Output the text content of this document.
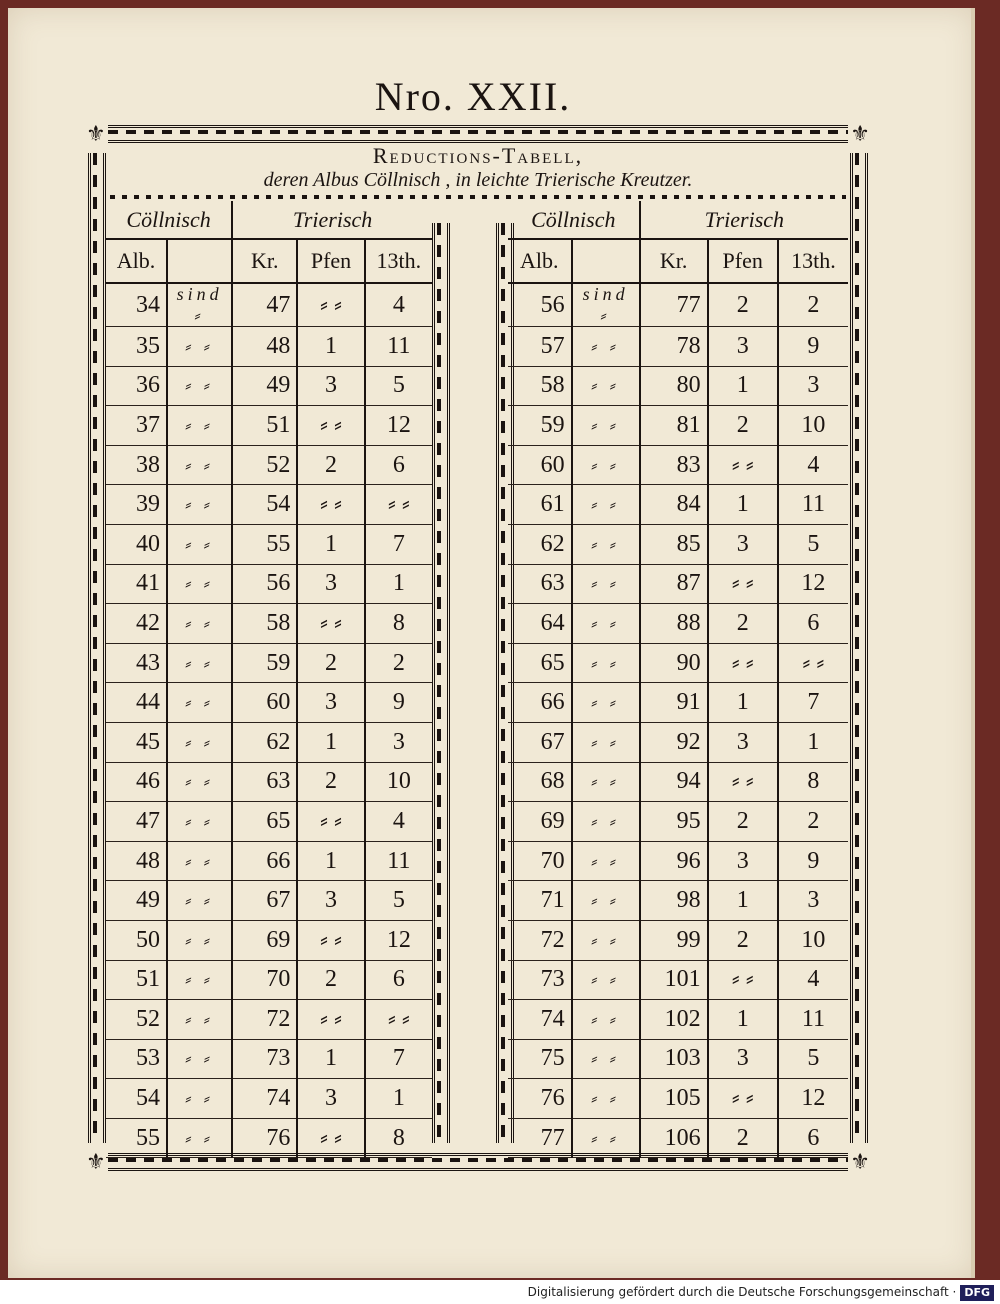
Nro. XXII.
⚜	⚜
⚜	⚜
Reductions-Tabell,
deren Albus Cöllnisch , in leichte Trierische Kreutzer.
Cöllnisch		Trierisch		
Alb.		Kr.	Pfen	13th.
34	sind ⸗	47	⸗ ⸗	4
35	⸗ ⸗	48	1	11
36	⸗ ⸗	49	3	5
37	⸗ ⸗	51	⸗ ⸗	12
38	⸗ ⸗	52	2	6
39	⸗ ⸗	54	⸗ ⸗	⸗ ⸗
40	⸗ ⸗	55	1	7
41	⸗ ⸗	56	3	1
42	⸗ ⸗	58	⸗ ⸗	8
43	⸗ ⸗	59	2	2
44	⸗ ⸗	60	3	9
45	⸗ ⸗	62	1	3
46	⸗ ⸗	63	2	10
47	⸗ ⸗	65	⸗ ⸗	4
48	⸗ ⸗	66	1	11
49	⸗ ⸗	67	3	5
50	⸗ ⸗	69	⸗ ⸗	12
51	⸗ ⸗	70	2	6
52	⸗ ⸗	72	⸗ ⸗	⸗ ⸗
53	⸗ ⸗	73	1	7
54	⸗ ⸗	74	3	1
55	⸗ ⸗	76	⸗ ⸗	8
Cöllnisch		Trierisch		
Alb.		Kr.	Pfen	13th.
56	sind ⸗	77	2	2
57	⸗ ⸗	78	3	9
58	⸗ ⸗	80	1	3
59	⸗ ⸗	81	2	10
60	⸗ ⸗	83	⸗ ⸗	4
61	⸗ ⸗	84	1	11
62	⸗ ⸗	85	3	5
63	⸗ ⸗	87	⸗ ⸗	12
64	⸗ ⸗	88	2	6
65	⸗ ⸗	90	⸗ ⸗	⸗ ⸗
66	⸗ ⸗	91	1	7
67	⸗ ⸗	92	3	1
68	⸗ ⸗	94	⸗ ⸗	8
69	⸗ ⸗	95	2	2
70	⸗ ⸗	96	3	9
71	⸗ ⸗	98	1	3
72	⸗ ⸗	99	2	10
73	⸗ ⸗	101	⸗ ⸗	4
74	⸗ ⸗	102	1	11
75	⸗ ⸗	103	3	5
76	⸗ ⸗	105	⸗ ⸗	12
77	⸗ ⸗	106	2	6
Digitalisierung gefördert durch die Deutsche Forschungsgemeinschaft · DFG
